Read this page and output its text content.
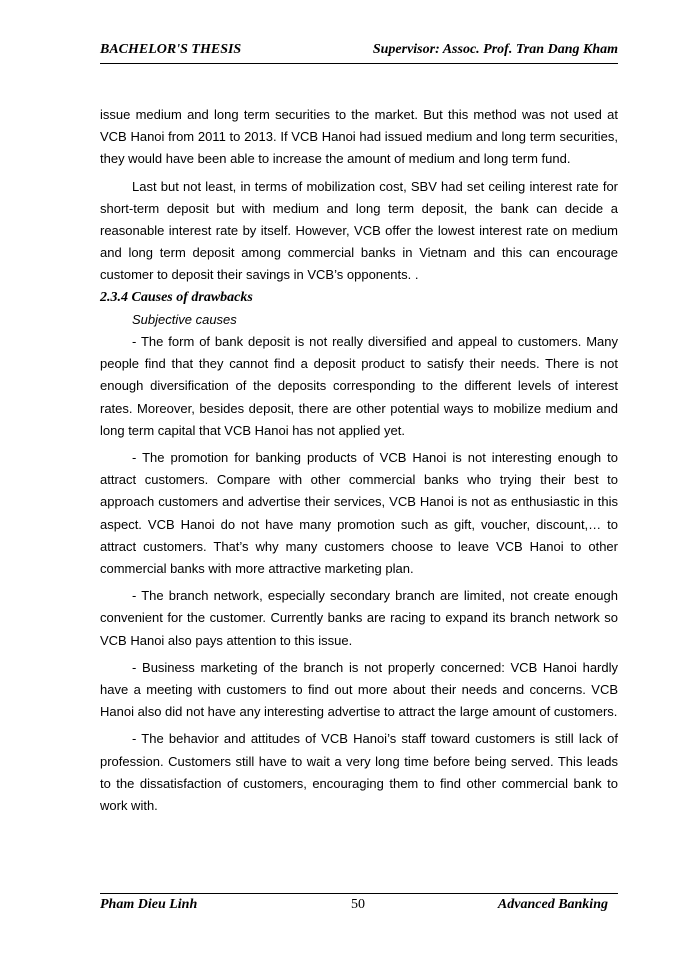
BACHELOR'S THESIS	Supervisor: Assoc. Prof. Tran Dang Kham

issue medium and long term securities to the market. But this method was not used at VCB Hanoi from 2011 to 2013. If VCB Hanoi had issued medium and long term securities, they would have been able to increase the amount of medium and long term fund.

Last but not least, in terms of mobilization cost, SBV had set ceiling interest rate for short-term deposit but with medium and long term deposit, the bank can decide a reasonable interest rate by itself. However, VCB offer the lowest interest rate on medium and long term deposit among commercial banks in Vietnam and this can encourage customer to deposit their savings in VCB’s opponents. .

2.3.4 Causes of drawbacks
Subjective causes

- The form of bank deposit is not really diversified and appeal to customers. Many people find that they cannot find a deposit product to satisfy their needs. There is not enough diversification of the deposits corresponding to the different levels of interest rates. Moreover, besides deposit, there are other potential ways to mobilize medium and long term capital that VCB Hanoi has not applied yet.

- The promotion for banking products of VCB Hanoi is not interesting enough to attract customers. Compare with other commercial banks who trying their best to approach customers and advertise their services, VCB Hanoi is not as enthusiastic in this aspect. VCB Hanoi do not have many promotion such as gift, voucher, discount,… to attract customers. That’s why many customers choose to leave VCB Hanoi to other commercial banks with more attractive marketing plan.

- The branch network, especially secondary branch are limited, not create enough convenient for the customer. Currently banks are racing to expand its branch network so VCB Hanoi also pays attention to this issue.

- Business marketing of the branch is not properly concerned: VCB Hanoi hardly have a meeting with customers to find out more about their needs and concerns. VCB Hanoi also did not have any interesting advertise to attract the large amount of customers.

- The behavior and attitudes of VCB Hanoi’s staff toward customers is still lack of profession. Customers still have to wait a very long time before being served. This leads to the dissatisfaction of customers, encouraging them to find other commercial bank to work with.

Pham Dieu Linh	50	Advanced Banking
